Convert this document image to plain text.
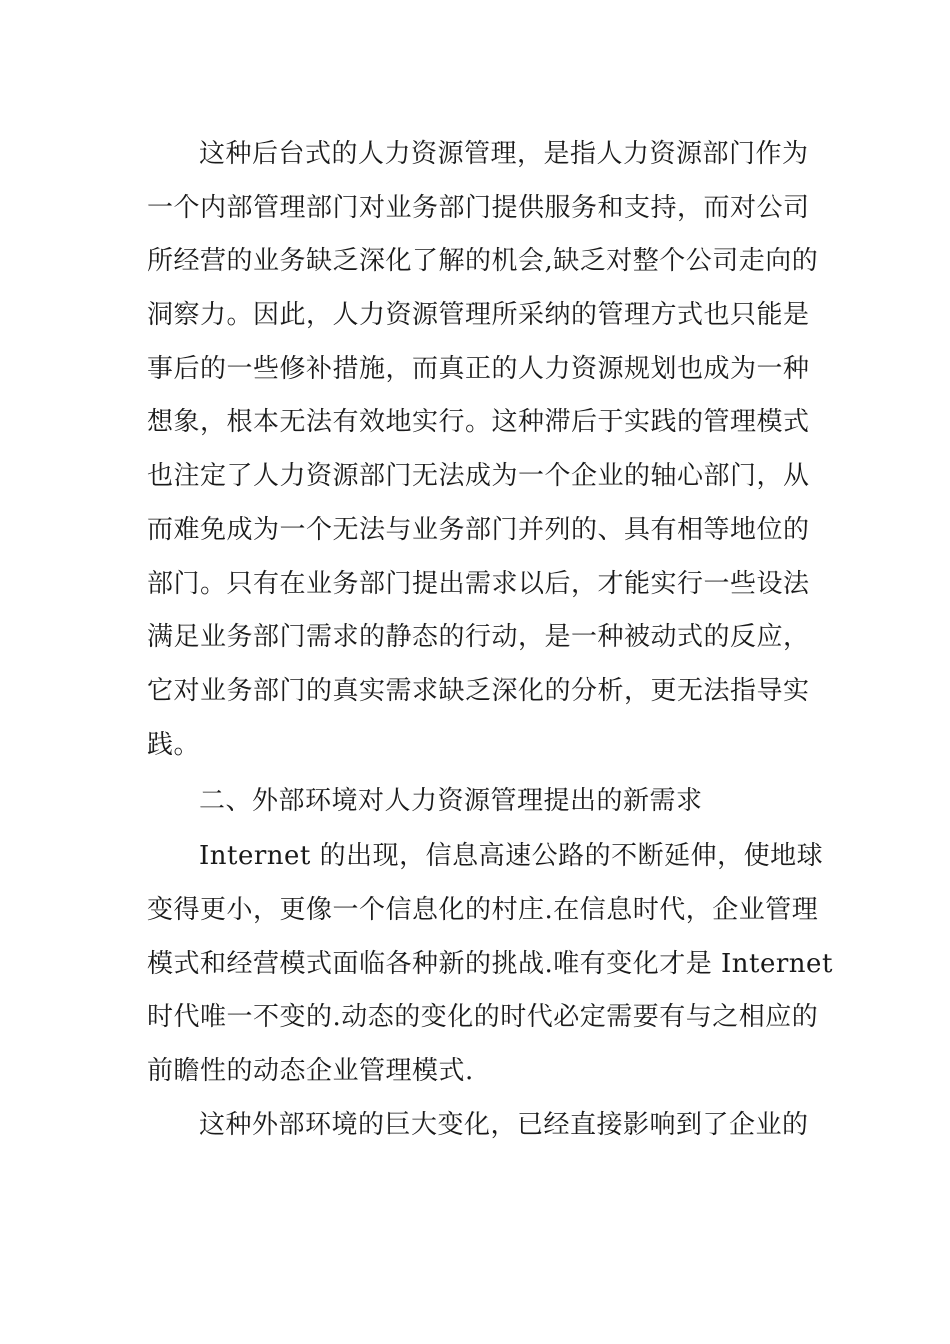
这种后台式的人力资源管理，是指人力资源部门作为
一个内部管理部门对业务部门提供服务和支持，而对公司
所经营的业务缺乏深化了解的机会,缺乏对整个公司走向的
洞察力。因此，人力资源管理所采纳的管理方式也只能是
事后的一些修补措施，而真正的人力资源规划也成为一种
想象，根本无法有效地实行。这种滞后于实践的管理模式
也注定了人力资源部门无法成为一个企业的轴心部门，从
而难免成为一个无法与业务部门并列的、具有相等地位的
部门。只有在业务部门提出需求以后，才能实行一些设法
满足业务部门需求的静态的行动，是一种被动式的反应，
它对业务部门的真实需求缺乏深化的分析，更无法指导实
践。
二、外部环境对人力资源管理提出的新需求
Internet 的出现，信息高速公路的不断延伸，使地球
变得更小，更像一个信息化的村庄.在信息时代，企业管理
模式和经营模式面临各种新的挑战.唯有变化才是 Internet
时代唯一不变的.动态的变化的时代必定需要有与之相应的
前瞻性的动态企业管理模式.
这种外部环境的巨大变化，已经直接影响到了企业的
